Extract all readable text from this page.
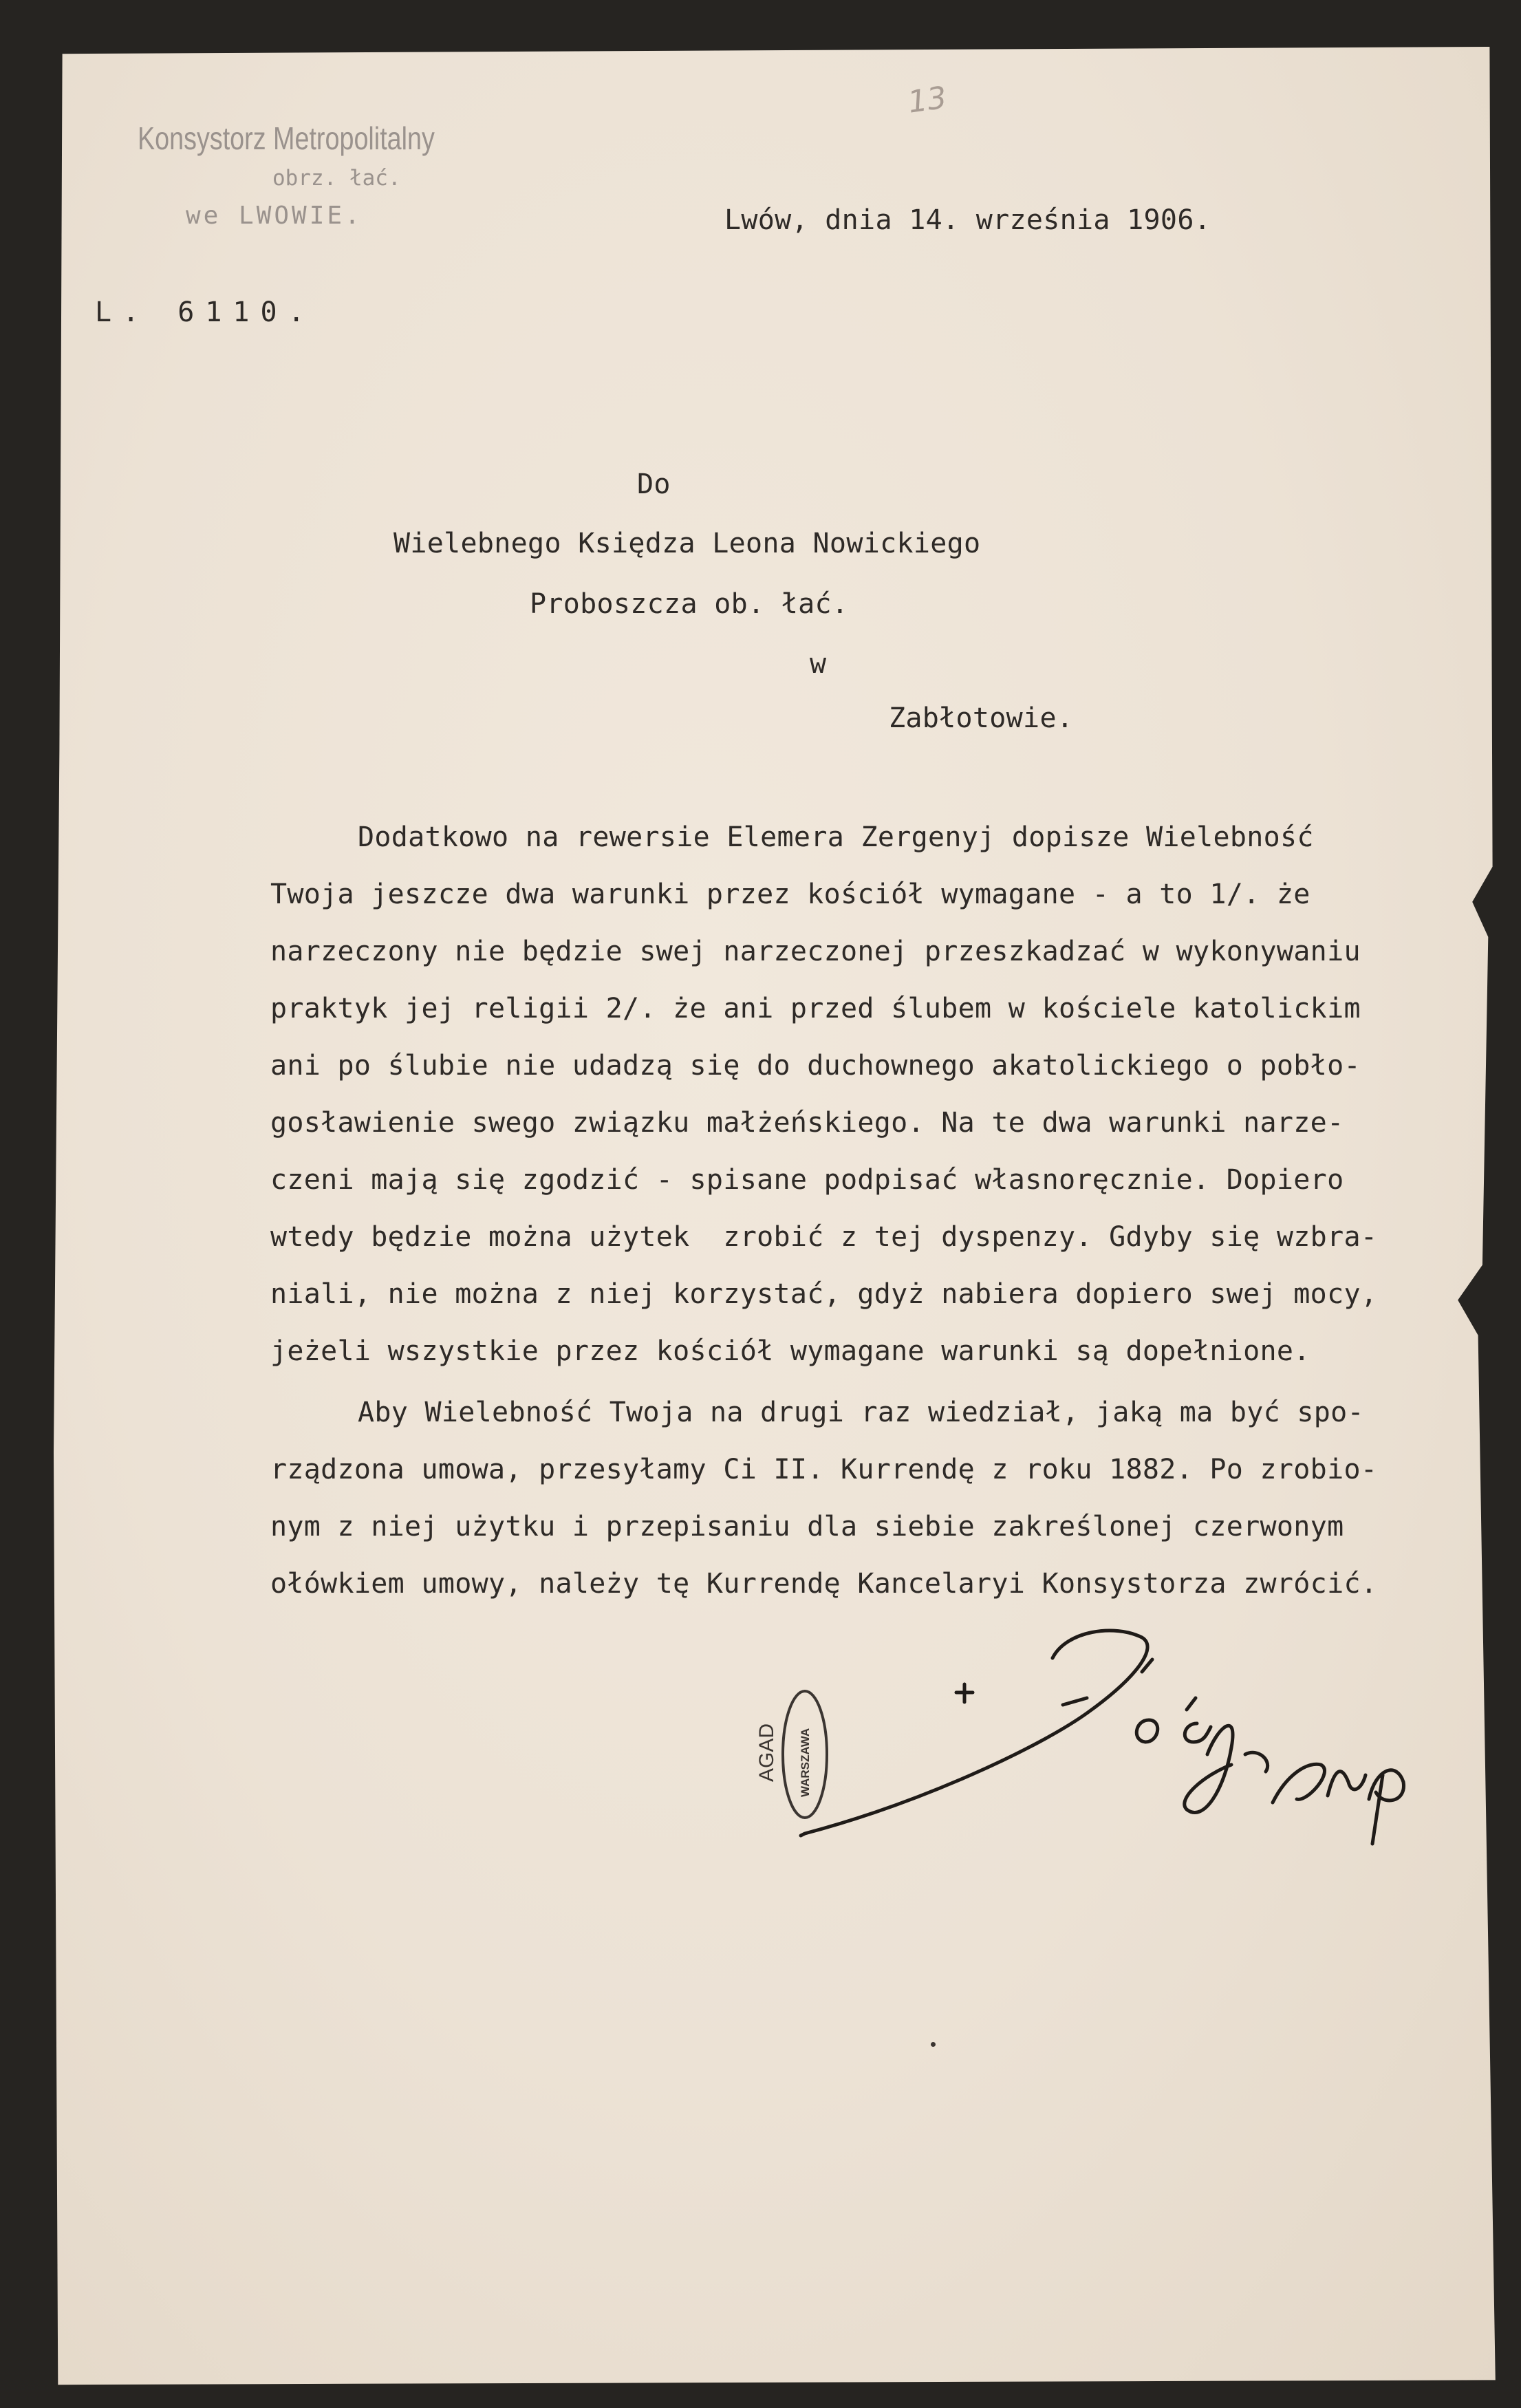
Konsystorz Metropolitalny
obrz. łać.
we LWOWIE.
13
Lwów, dnia 14. września 1906.
L. 6110.
Do
Wielebnego Księdza Leona Nowickiego
Proboszcza ob. łać.
w
Zabłotowie.
Dodatkowo na rewersie Elemera Zergenyj dopisze Wielebność
Twoja jeszcze dwa warunki przez kościół wymagane - a to 1/. że
narzeczony nie będzie swej narzeczonej przeszkadzać w wykonywaniu
praktyk jej religii 2/. że ani przed ślubem w kościele katolickim
ani po ślubie nie udadzą się do duchownego akatolickiego o pobło-
gosławienie swego związku małżeńskiego. Na te dwa warunki narze-
czeni mają się zgodzić - spisane podpisać własnoręcznie. Dopiero
wtedy będzie można użytek  zrobić z tej dyspenzy. Gdyby się wzbra-
niali, nie można z niej korzystać, gdyż nabiera dopiero swej mocy,
jeżeli wszystkie przez kościół wymagane warunki są dopełnione.
Aby Wielebność Twoja na drugi raz wiedział, jaką ma być spo-
rządzona umowa, przesyłamy Ci II. Kurrendę z roku 1882. Po zrobio-
nym z niej użytku i przepisaniu dla siebie zakreślonej czerwonym
ołówkiem umowy, należy tę Kurrendę Kancelaryi Konsystorza zwrócić.
AGAD WARSZAWA
